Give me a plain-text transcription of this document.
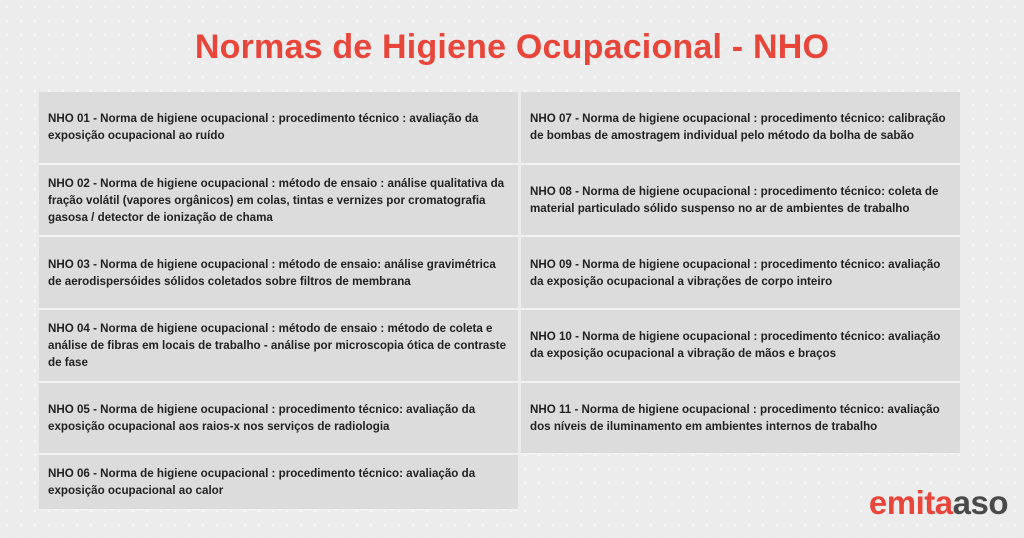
Normas de Higiene Ocupacional - NHO
NHO 01 - Norma de higiene ocupacional : procedimento técnico : avaliação da exposição ocupacional ao ruído
NHO 02 - Norma de higiene ocupacional : método de ensaio : análise qualitativa da fração volátil (vapores orgânicos) em colas, tintas e vernizes por cromatografia gasosa / detector de ionização de chama
NHO 03 - Norma de higiene ocupacional : método de ensaio: análise gravimétrica de aerodispersóides sólidos coletados sobre filtros de membrana
NHO 04 - Norma de higiene ocupacional : método de ensaio : método de coleta e análise de fibras em locais de trabalho - análise por microscopia ótica de contraste de fase
NHO 05 - Norma de higiene ocupacional : procedimento técnico: avaliação da exposição ocupacional aos raios-x nos serviços de radiologia
NHO 06 - Norma de higiene ocupacional : procedimento técnico: avaliação da exposição ocupacional ao calor
NHO 07 - Norma de higiene ocupacional : procedimento técnico: calibração de bombas de amostragem individual pelo método da bolha de sabão
NHO 08 - Norma de higiene ocupacional : procedimento técnico: coleta de material particulado sólido suspenso no ar de ambientes de trabalho
NHO 09 - Norma de higiene ocupacional : procedimento técnico: avaliação da exposição ocupacional a vibrações de corpo inteiro
NHO 10 - Norma de higiene ocupacional : procedimento técnico: avaliação da exposição ocupacional a vibração de mãos e braços
NHO 11 - Norma de higiene ocupacional : procedimento técnico: avaliação dos níveis de iluminamento em ambientes internos de trabalho
emitaaso
